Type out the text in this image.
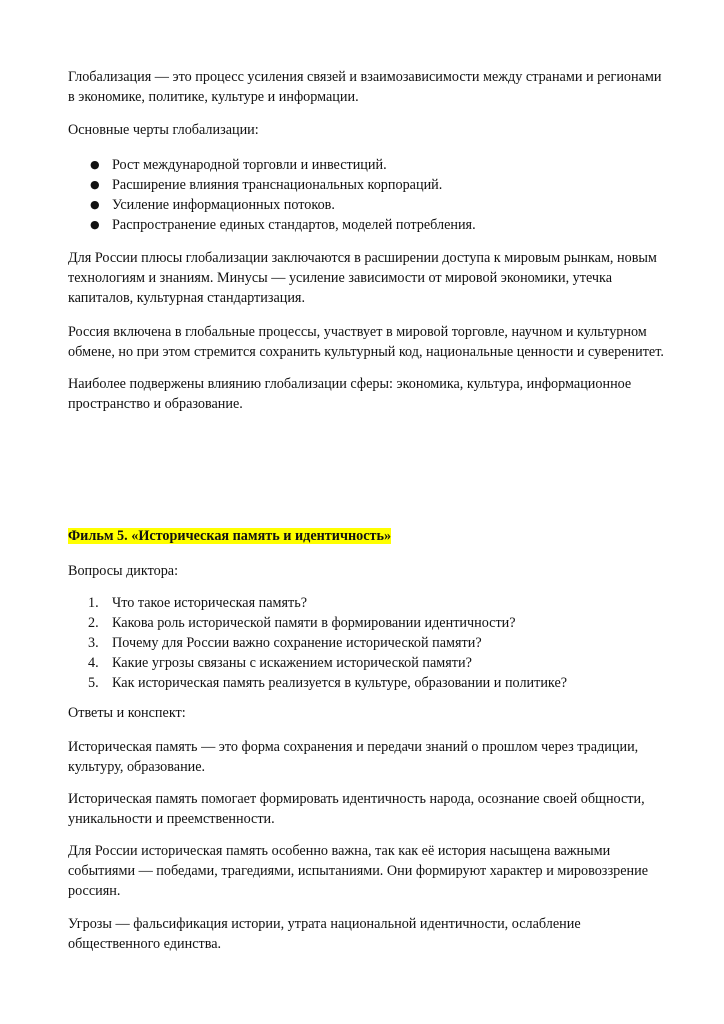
Глобализация — это процесс усиления связей и взаимозависимости между странами и регионами в экономике, политике, культуре и информации.

Основные черты глобализации:

● Рост международной торговли и инвестиций.
● Расширение влияния транснациональных корпораций.
● Усиление информационных потоков.
● Распространение единых стандартов, моделей потребления.

Для России плюсы глобализации заключаются в расширении доступа к мировым рынкам, новым технологиям и знаниям. Минусы — усиление зависимости от мировой экономики, утечка капиталов, культурная стандартизация.

Россия включена в глобальные процессы, участвует в мировой торговле, научном и культурном обмене, но при этом стремится сохранить культурный код, национальные ценности и суверенитет.

Наиболее подвержены влиянию глобализации сферы: экономика, культура, информационное пространство и образование.

Фильм 5. «Историческая память и идентичность»

Вопросы диктора:

1. Что такое историческая память?
2. Какова роль исторической памяти в формировании идентичности?
3. Почему для России важно сохранение исторической памяти?
4. Какие угрозы связаны с искажением исторической памяти?
5. Как историческая память реализуется в культуре, образовании и политике?

Ответы и конспект:

Историческая память — это форма сохранения и передачи знаний о прошлом через традиции, культуру, образование.

Историческая память помогает формировать идентичность народа, осознание своей общности, уникальности и преемственности.

Для России историческая память особенно важна, так как её история насыщена важными событиями — победами, трагедиями, испытаниями. Они формируют характер и мировоззрение россиян.

Угрозы — фальсификация истории, утрата национальной идентичности, ослабление общественного единства.
